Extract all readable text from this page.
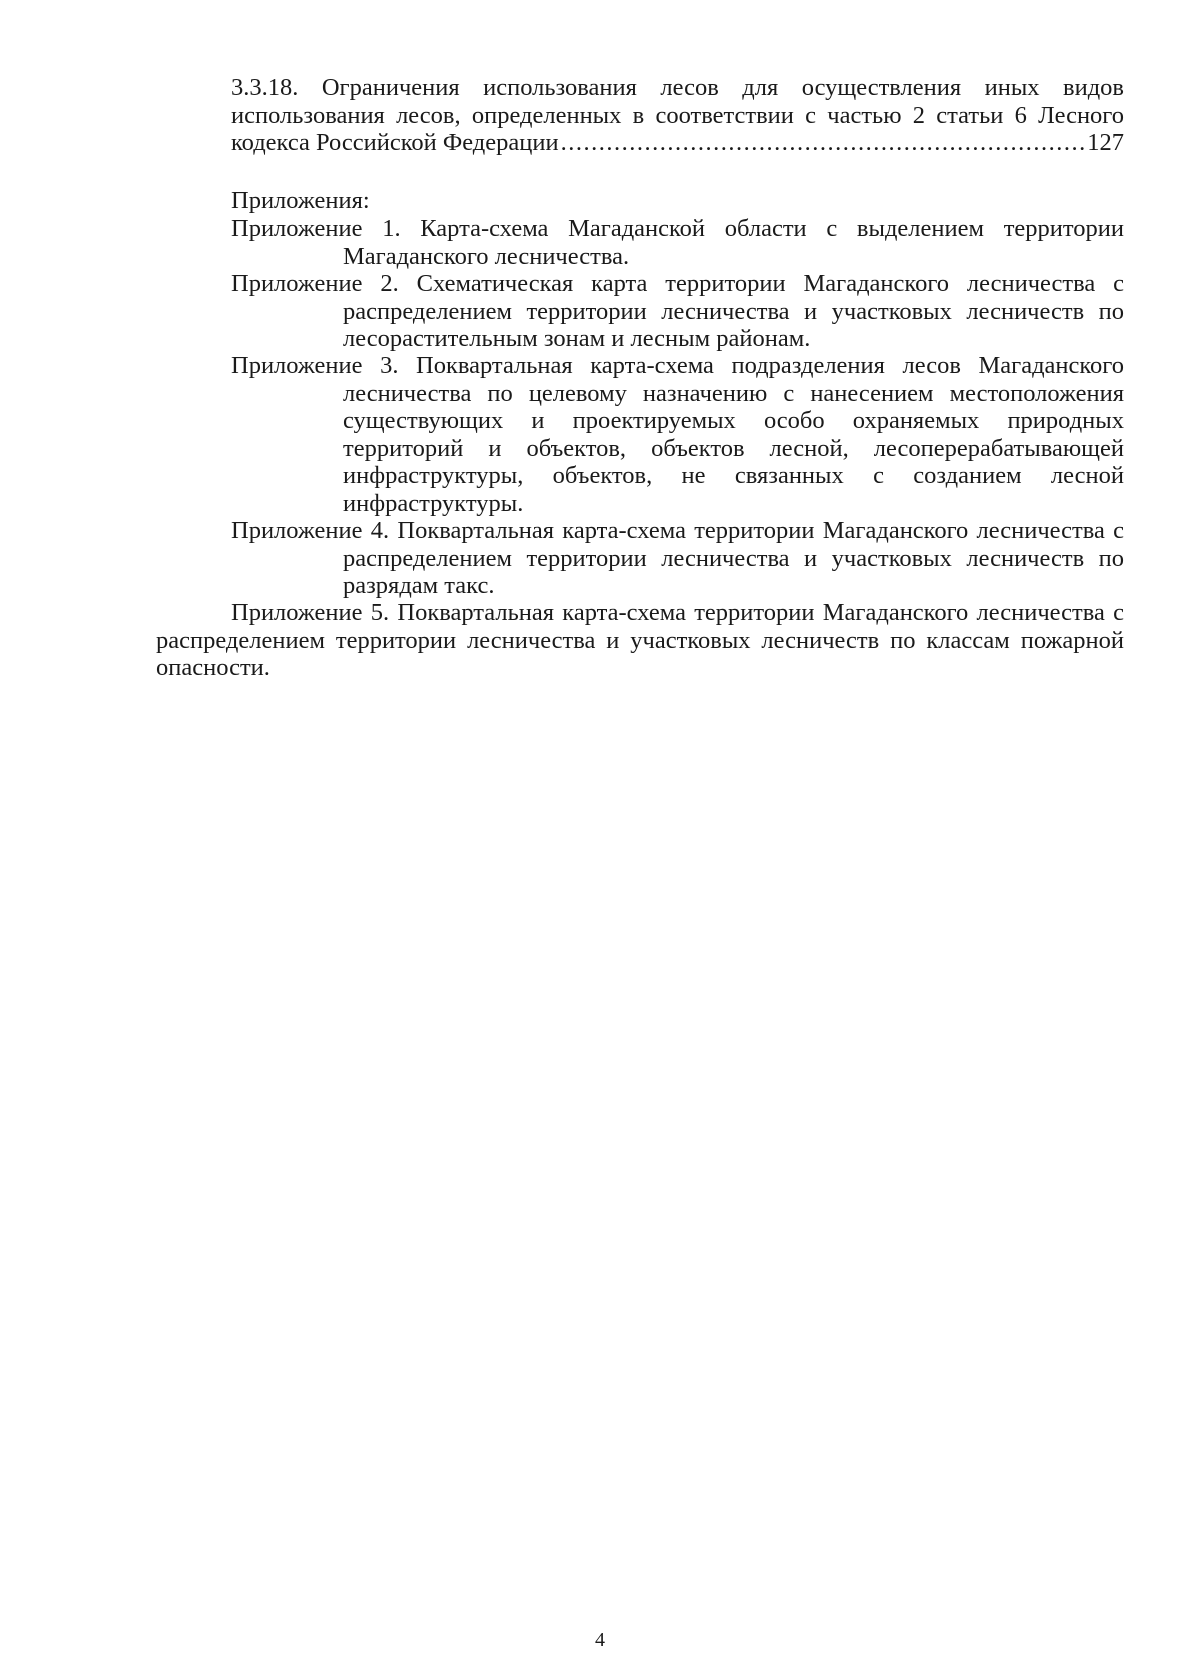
3.3.18. Ограничения использования лесов для осуществления иных видов
использования лесов, определенных в соответствии с частью 2 статьи 6 Лесного
кодекса Российской Федерации
.....	127
Приложения:
Приложение 1. Карта-схема Магаданской области с выделением территории Магаданского лесничества.
Приложение 2. Схематическая карта территории Магаданского лесничества с распределением территории лесничества и участковых лесничеств по лесорастительным зонам и лесным районам.
Приложение 3. Поквартальная карта-схема подразделения лесов Магаданского лесничества по целевому назначению с нанесением местоположения существующих и проектируемых особо охраняемых природных территорий и объектов, объектов лесной, лесоперерабатывающей инфраструктуры, объектов, не связанных с созданием лесной инфраструктуры.
Приложение 4. Поквартальная карта-схема территории Магаданского лесничества с распределением территории лесничества и участковых лесничеств по разрядам такс.
Приложение 5. Поквартальная карта-схема территории Магаданского лесничества с распределением территории лесничества и участковых лесничеств по классам пожарной опасности.
4
